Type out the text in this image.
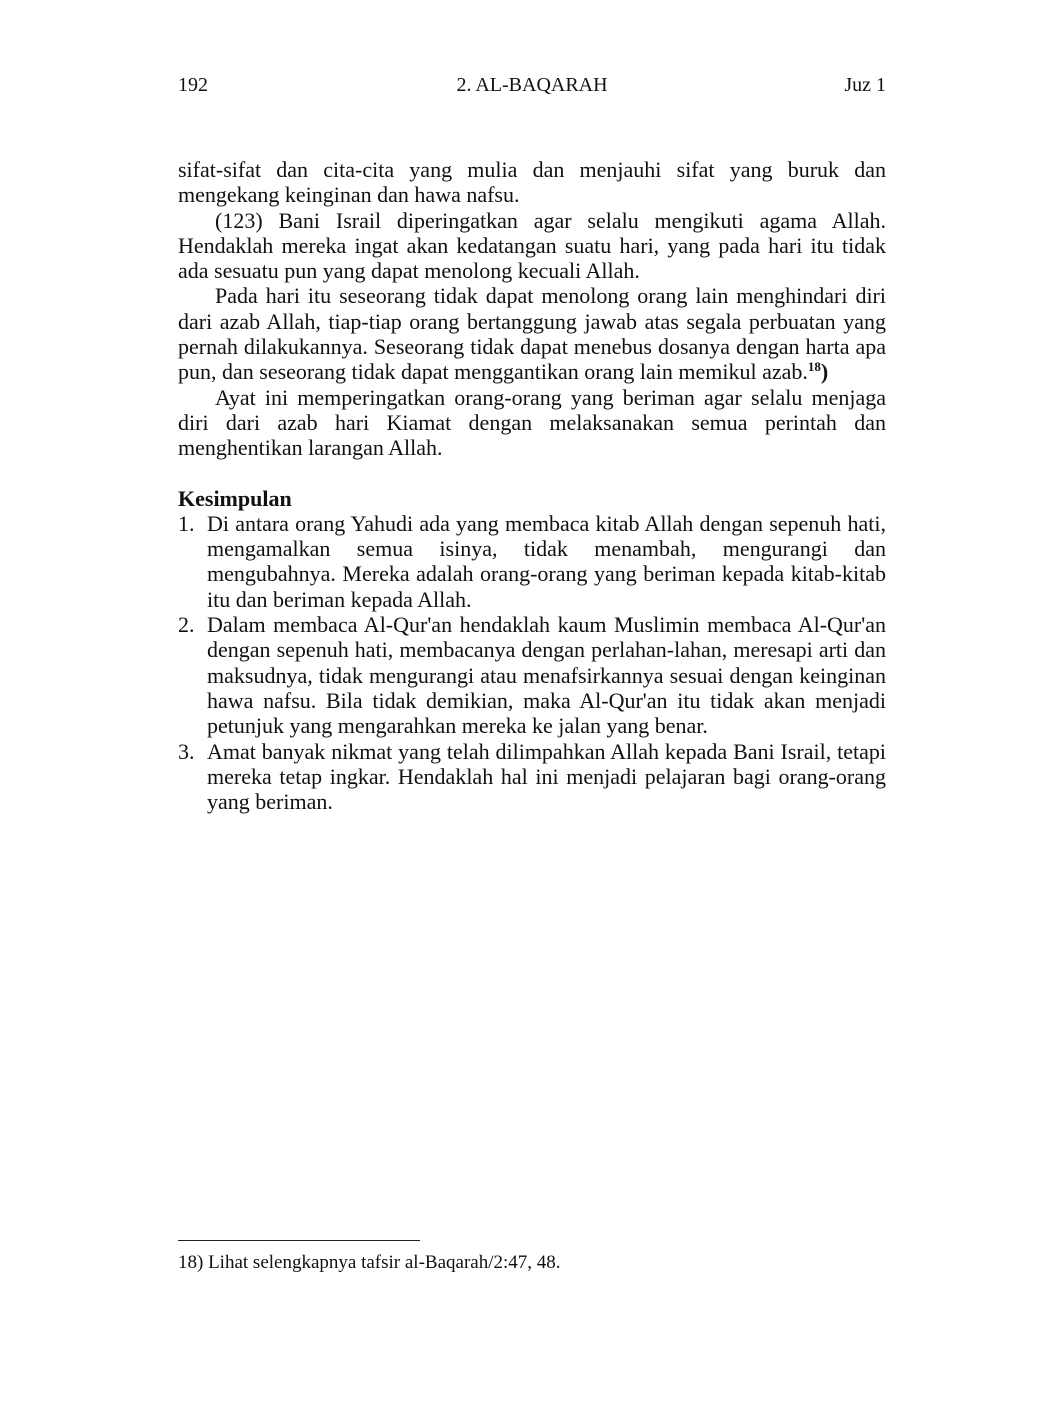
192	2. AL-BAQARAH	Juz 1

sifat-sifat dan cita-cita yang mulia dan menjauhi sifat yang buruk dan mengekang keinginan dan hawa nafsu.

(123) Bani Israil diperingatkan agar selalu mengikuti agama Allah. Hendaklah mereka ingat akan kedatangan suatu hari, yang pada hari itu tidak ada sesuatu pun yang dapat menolong kecuali Allah.

Pada hari itu seseorang tidak dapat menolong orang lain menghindari diri dari azab Allah, tiap-tiap orang bertanggung jawab atas segala perbuatan yang pernah dilakukannya. Seseorang tidak dapat menebus dosanya dengan harta apa pun, dan seseorang tidak dapat menggantikan orang lain memikul azab.$^{18}$)

Ayat ini memperingatkan orang-orang yang beriman agar selalu menjaga diri dari azab hari Kiamat dengan melaksanakan semua perintah dan menghentikan larangan Allah.

Kesimpulan
1. Di antara orang Yahudi ada yang membaca kitab Allah dengan sepenuh hati, mengamalkan semua isinya, tidak menambah, mengurangi dan mengubahnya. Mereka adalah orang-orang yang beriman kepada kitab-kitab itu dan beriman kepada Allah.
2. Dalam membaca Al-Qur'an hendaklah kaum Muslimin membaca Al-Qur'an dengan sepenuh hati, membacanya dengan perlahan-lahan, meresapi arti dan maksudnya, tidak mengurangi atau menafsirkannya sesuai dengan keinginan hawa nafsu. Bila tidak demikian, maka Al-Qur'an itu tidak akan menjadi petunjuk yang mengarahkan mereka ke jalan yang benar.
3. Amat banyak nikmat yang telah dilimpahkan Allah kepada Bani Israil, tetapi mereka tetap ingkar. Hendaklah hal ini menjadi pelajaran bagi orang-orang yang beriman.
18) Lihat selengkapnya tafsir al-Baqarah/2:47, 48.
